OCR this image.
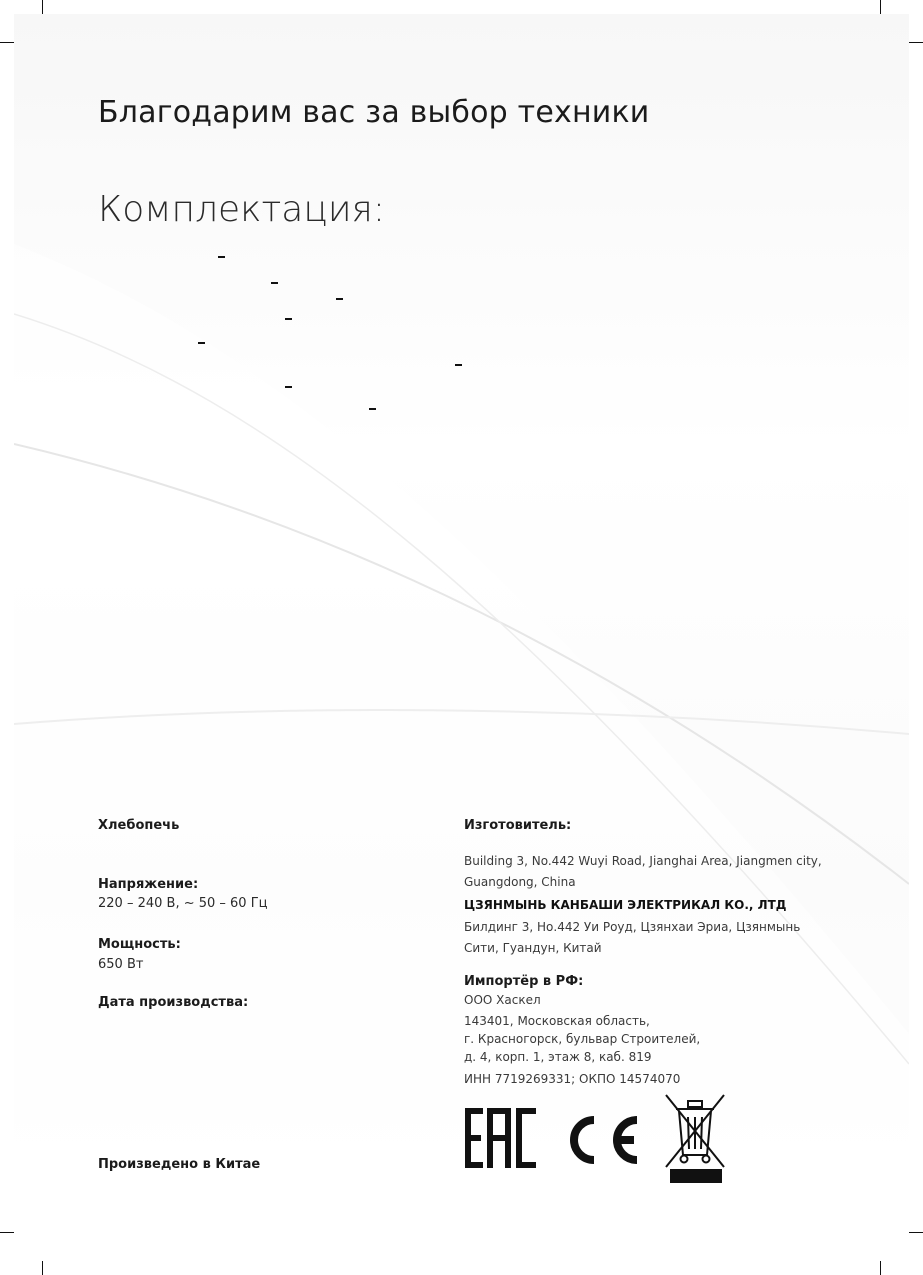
Благодарим вас за выбор техники
Комплектация:
Хлебопечь
Напряжение:
220 – 240 В, ~ 50 – 60 Гц
Мощность:
650 Вт
Дата производства:
Произведено в Китае
Изготовитель:
Building 3, No.442 Wuyi Road, Jianghai Area, Jiangmen city,
Guangdong, China
ЦЗЯНМЫНЬ КАНБАШИ ЭЛЕКТРИКАЛ КО., ЛТД
Билдинг 3, Но.442 Уи Роуд, Цзянхаи Эриа, Цзянмынь
Сити, Гуандун, Китай
Импортёр в РФ:
ООО Хаскел
143401, Московская область,
г. Красногорск, бульвар Строителей,
д. 4, корп. 1, этаж 8, каб. 819
ИНН 7719269331; ОКПО 14574070
